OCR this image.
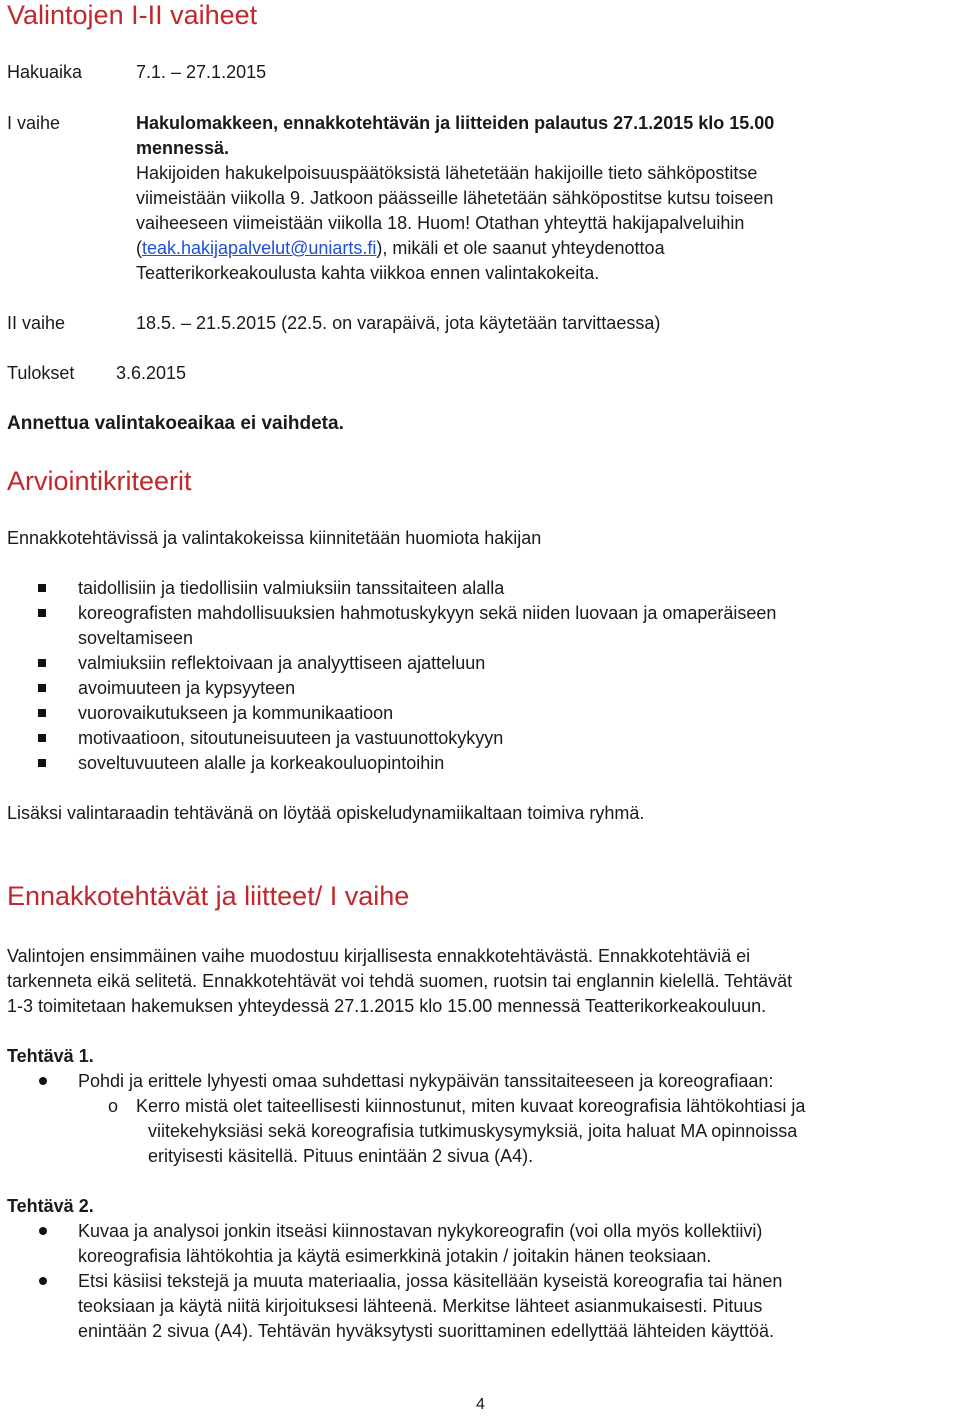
Valintojen I-II vaiheet
Hakuaika	7.1. – 27.1.2015
I vaihe	Hakulomakkeen, ennakkotehtävän ja liitteiden palautus 27.1.2015 klo 15.00
mennessä.
Hakijoiden hakukelpoisuuspäätöksistä lähetetään hakijoille tieto sähköpostitse
viimeistään viikolla 9. Jatkoon päässeille lähetetään sähköpostitse kutsu toiseen
vaiheeseen viimeistään viikolla 18. Huom! Otathan yhteyttä hakijapalveluihin
(teak.hakijapalvelut@uniarts.fi), mikäli et ole saanut yhteydenottoa
Teatterikorkeakoulusta kahta viikkoa ennen valintakokeita.
II vaihe	18.5. – 21.5.2015 (22.5. on varapäivä, jota käytetään tarvittaessa)
Tulokset 3.6.2015
Annettua valintakoeaikaa ei vaihdeta.
Arviointikriteerit
Ennakkotehtävissä ja valintakokeissa kiinnitetään huomiota hakijan
taidollisiin ja tiedollisiin valmiuksiin tanssitaiteen alalla
koreografisten mahdollisuuksien hahmotuskykyyn sekä niiden luovaan ja omaperäiseen
soveltamiseen
valmiuksiin reflektoivaan ja analyyttiseen ajatteluun
avoimuuteen ja kypsyyteen
vuorovaikutukseen ja kommunikaatioon
motivaatioon, sitoutuneisuuteen ja vastuunottokykyyn
soveltuvuuteen alalle ja korkeakouluopintoihin
Lisäksi valintaraadin tehtävänä on löytää opiskeludynamiikaltaan toimiva ryhmä.
Ennakkotehtävät ja liitteet/ I vaihe
Valintojen ensimmäinen vaihe muodostuu kirjallisesta ennakkotehtävästä. Ennakkotehtäviä ei
tarkenneta eikä selitetä. Ennakkotehtävät voi tehdä suomen, ruotsin tai englannin kielellä. Tehtävät
1-3 toimitetaan hakemuksen yhteydessä 27.1.2015 klo 15.00 mennessä Teatterikorkeakouluun.
Tehtävä 1.
Pohdi ja erittele lyhyesti omaa suhdettasi nykypäivän tanssitaiteeseen ja koreografiaan:
o Kerro mistä olet taiteellisesti kiinnostunut, miten kuvaat koreografisia lähtökohtiasi ja
viitekehyksiäsi sekä koreografisia tutkimuskysymyksiä, joita haluat MA opinnoissa
erityisesti käsitellä. Pituus enintään 2 sivua (A4).
Tehtävä 2.
Kuvaa ja analysoi jonkin itseäsi kiinnostavan nykykoreografin (voi olla myös kollektiivi)
koreografisia lähtökohtia ja käytä esimerkkinä jotakin / joitakin hänen teoksiaan.
Etsi käsiisi tekstejä ja muuta materiaalia, jossa käsitellään kyseistä koreografia tai hänen
teoksiaan ja käytä niitä kirjoituksesi lähteenä. Merkitse lähteet asianmukaisesti. Pituus
enintään 2 sivua (A4). Tehtävän hyväksytysti suorittaminen edellyttää lähteiden käyttöä.
4
